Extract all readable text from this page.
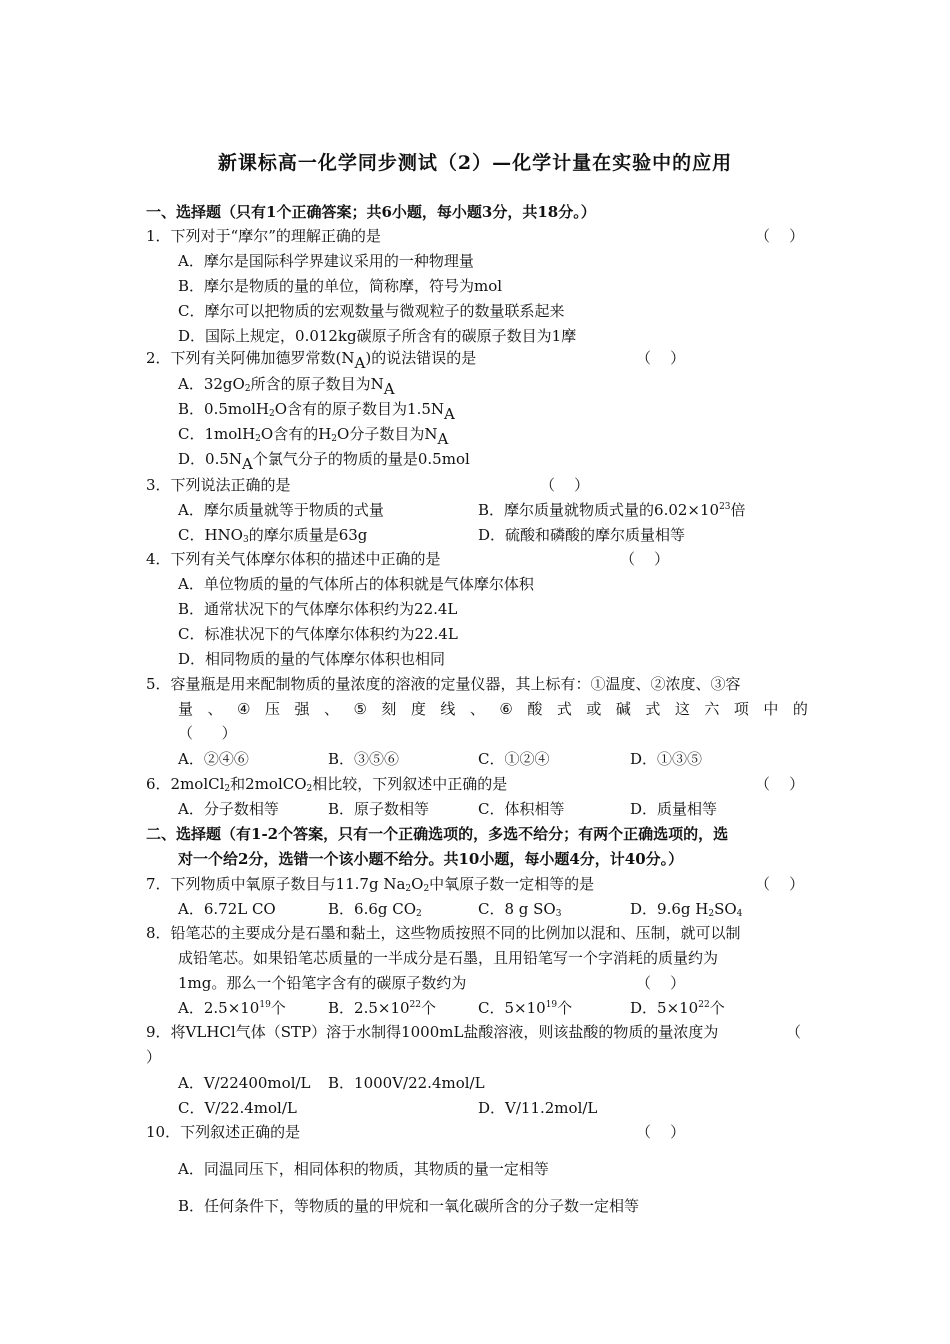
新课标高一化学同步测试（2）—化学计量在实验中的应用
一、选择题（只有1个正确答案；共6小题，每小题3分，共18分。）
1．下列对于“摩尔”的理解正确的是	（    ）
A．摩尔是国际科学界建议采用的一种物理量
B．摩尔是物质的量的单位，简称摩，符号为mol
C．摩尔可以把物质的宏观数量与微观粒子的数量联系起来
D．国际上规定，0.012kg碳原子所含有的碳原子数目为1摩
2．下列有关阿佛加德罗常数(NA)的说法错误的是	（    ）
A．$32gO_2$所含的原子数目为NA
B．0.5molH$_2$O含有的原子数目为1.5NA
C．1molH$_2$O含有的$H_2O$分子数目为NA
D．0.5NA个氯气分子的物质的量是0.5mol
3．下列说法正确的是	（    ）
A．摩尔质量就等于物质的式量	B．摩尔质量就物质式量的$6.02\times 10^{23}$倍
C．$HNO_3$的摩尔质量是63g	D．硫酸和磷酸的摩尔质量相等
4．下列有关气体摩尔体积的描述中正确的是	（    ）
A．单位物质的量的气体所占的体积就是气体摩尔体积
B．通常状况下的气体摩尔体积约为22.4L
C．标准状况下的气体摩尔体积约为22.4L
D．相同物质的量的气体摩尔体积也相同
5．容量瓶是用来配制物质的量浓度的溶液的定量仪器，其上标有：①温度、②浓度、③容
量 、 ④ 压 强 、 ⑤ 刻 度 线 、 ⑥ 酸 式 或 碱 式 这 六 项 中 的
（      ）
A．②④⑥	B．③⑤⑥	C．①②④	D．①③⑤
6．2molCl$_2$和2molCO$_2$相比较，下列叙述中正确的是	（    ）
A．分子数相等	B．原子数相等	C．体积相等	D．质量相等
二、选择题（有1-2个答案，只有一个正确选项的，多选不给分；有两个正确选项的，选
对一个给2分，选错一个该小题不给分。共10小题，每小题4分，计40分。）
7．下列物质中氧原子数目与11.7g $Na_2O_2$中氧原子数一定相等的是	（    ）
A．6.72L CO	B．6.6g $CO_2$	C．8 g $SO_3$	D．9.6g $H_2SO_4$
8．铅笔芯的主要成分是石墨和黏土，这些物质按照不同的比例加以混和、压制，就可以制
成铅笔芯。如果铅笔芯质量的一半成分是石墨，且用铅笔写一个字消耗的质量约为
1mg。那么一个铅笔字含有的碳原子数约为	（    ）
A．$2.5\times 10^{19}$个	B．$2.5\times 10^{22}$个	C．$5\times 10^{19}$个	D．$5\times 10^{22}$个
9．将VLHCl气体（STP）溶于水制得1000mL盐酸溶液，则该盐酸的物质的量浓度为	（
）
A．V/22400mol/L B．1000V/22.4mol/L
C．V/22.4mol/L	D．V/11.2mol/L
10．下列叙述正确的是	（    ）
A．同温同压下，相同体积的物质，其物质的量一定相等
B．任何条件下，等物质的量的甲烷和一氧化碳所含的分子数一定相等
